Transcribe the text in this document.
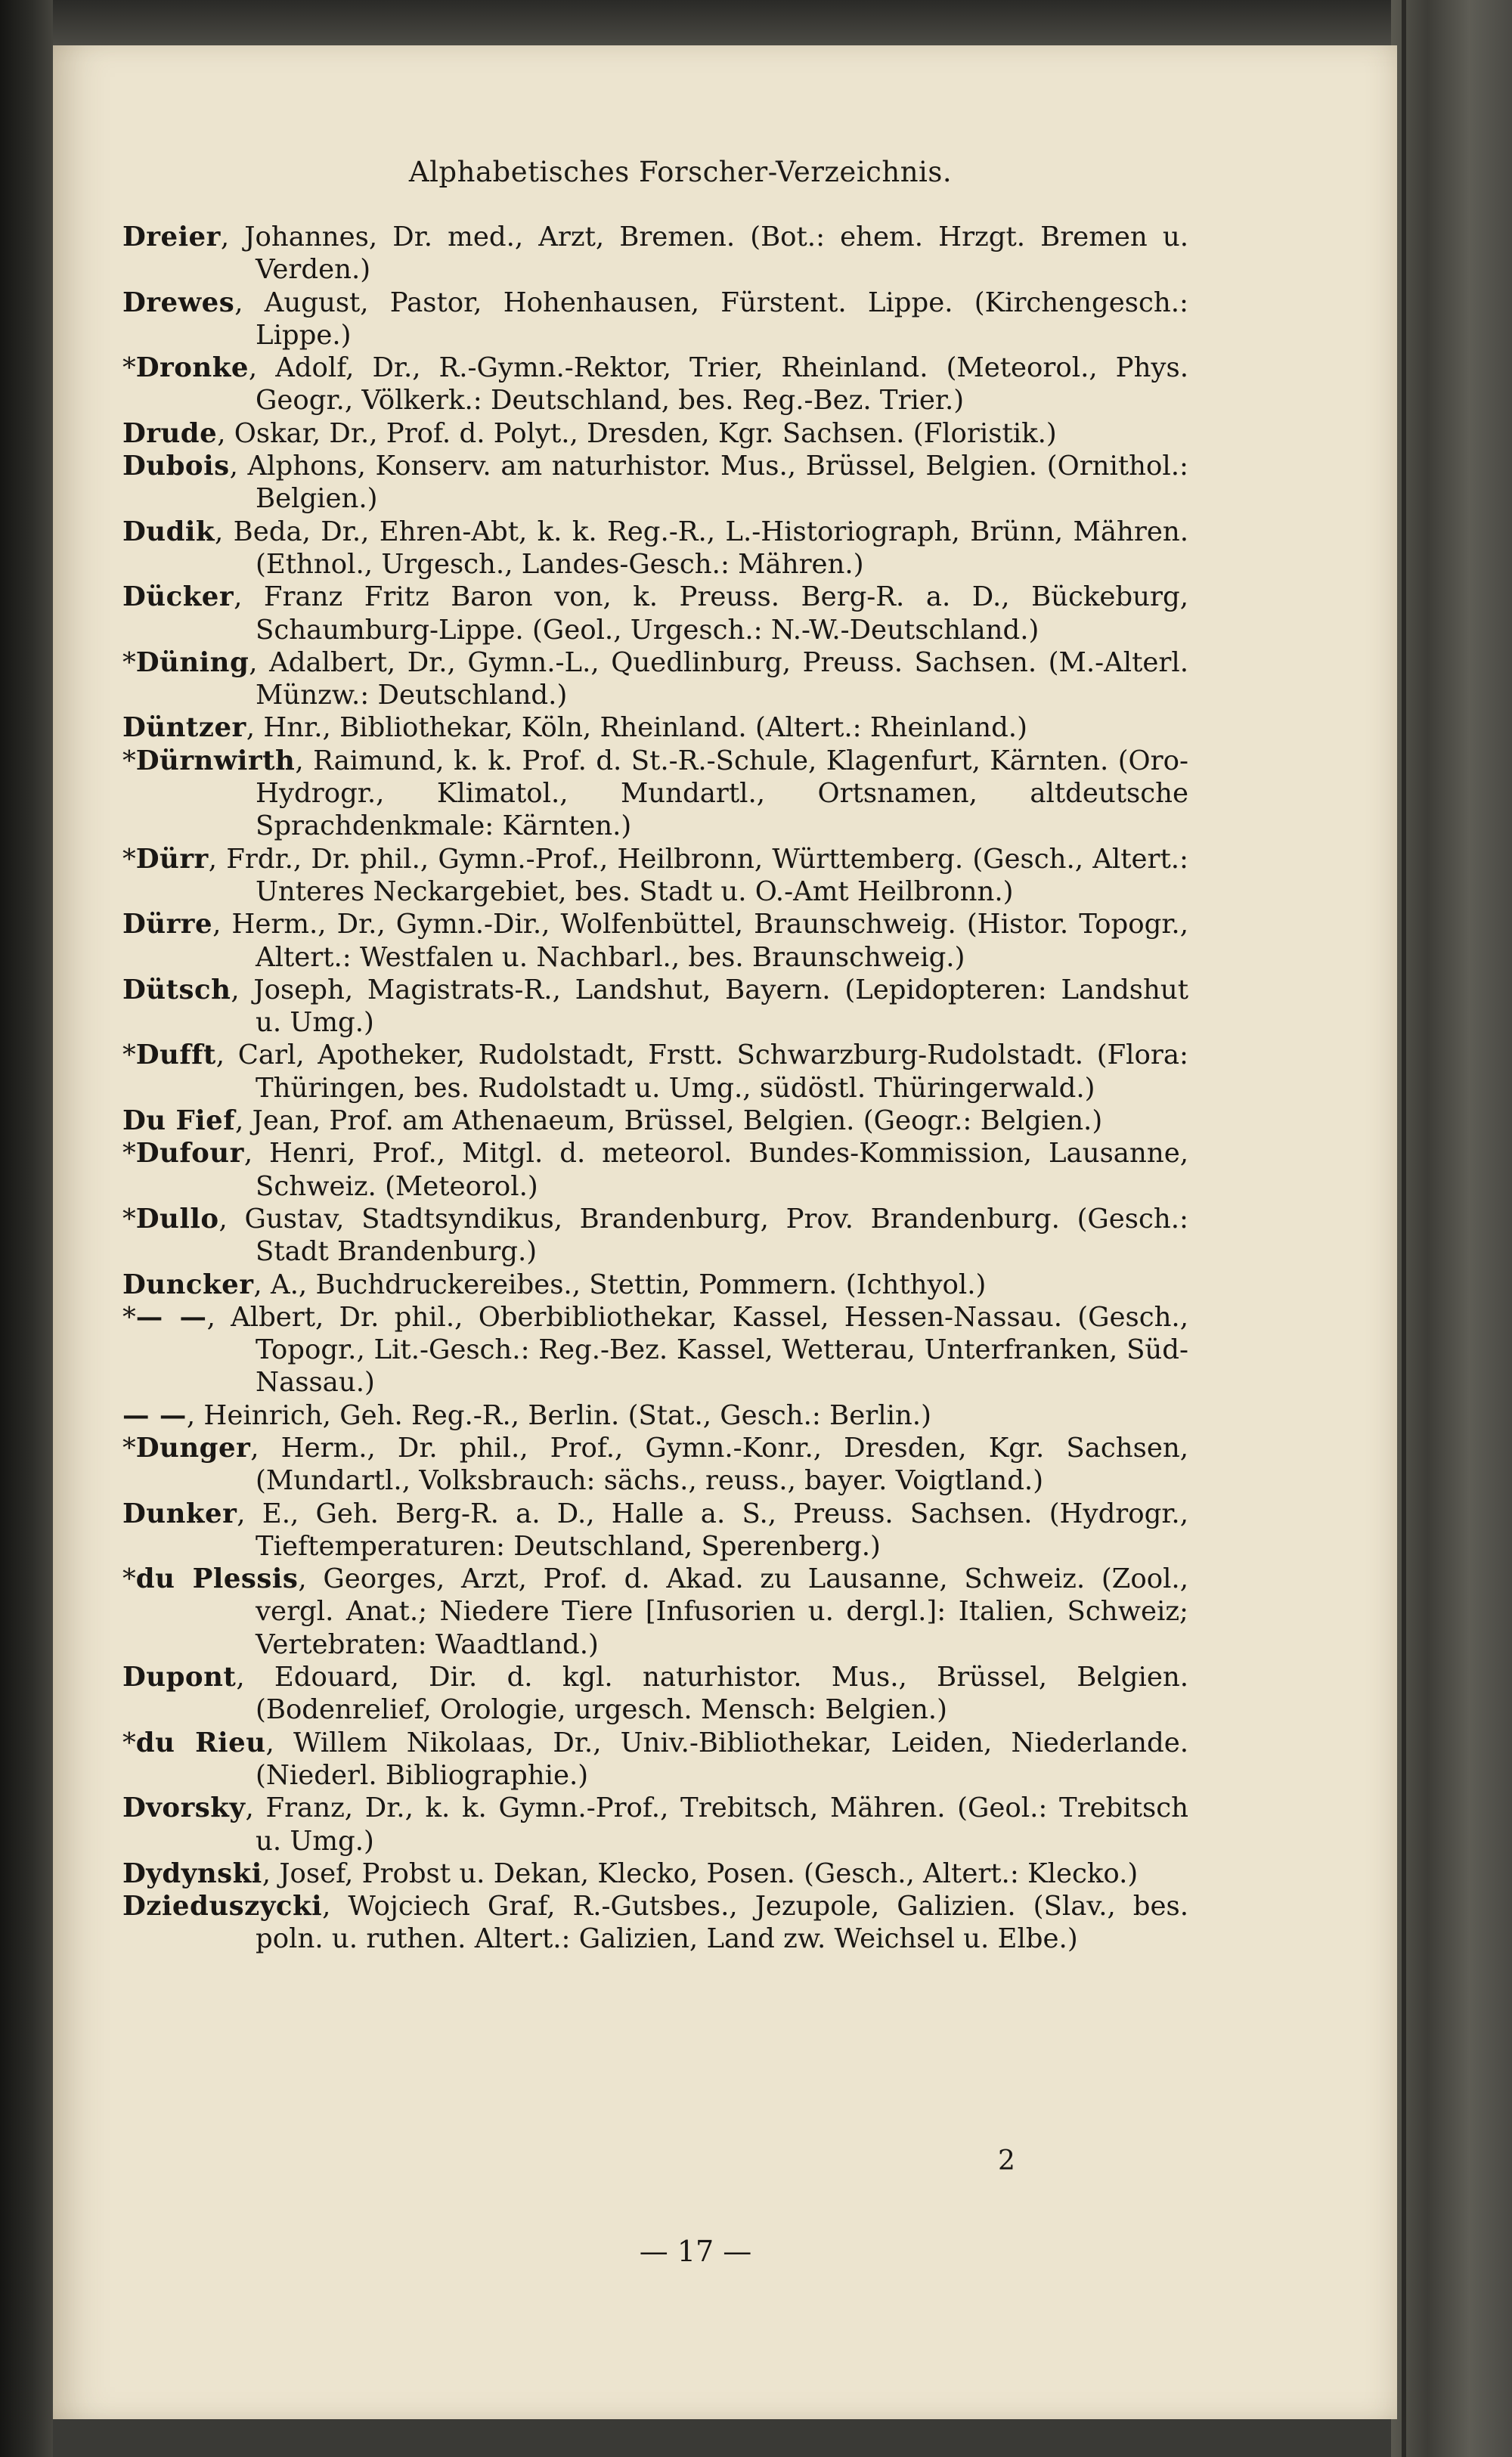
Alphabetisches Forscher-Verzeichnis.

Dreier, Johannes, Dr. med., Arzt, Bremen. (Bot.: ehem. Hrzgt. Bremen u. Verden.)

Drewes, August, Pastor, Hohenhausen, Fürstent. Lippe. (Kirchengesch.: Lippe.)

*Dronke, Adolf, Dr., R.-Gymn.-Rektor, Trier, Rheinland. (Meteorol., Phys. Geogr., Völkerk.: Deutschland, bes. Reg.-Bez. Trier.)

Drude, Oskar, Dr., Prof. d. Polyt., Dresden, Kgr. Sachsen. (Floristik.)

Dubois, Alphons, Konserv. am naturhistor. Mus., Brüssel, Belgien. (Ornithol.: Belgien.)

Dudik, Beda, Dr., Ehren-Abt, k. k. Reg.-R., L.-Historiograph, Brünn, Mähren. (Ethnol., Urgesch., Landes-Gesch.: Mähren.)

Dücker, Franz Fritz Baron von, k. Preuss. Berg-R. a. D., Bückeburg, Schaumburg-Lippe. (Geol., Urgesch.: N.-W.-Deutschland.)

*Düning, Adalbert, Dr., Gymn.-L., Quedlinburg, Preuss. Sachsen. (M.-Alterl. Münzw.: Deutschland.)

Düntzer, Hnr., Bibliothekar, Köln, Rheinland. (Altert.: Rheinland.)

*Dürnwirth, Raimund, k. k. Prof. d. St.-R.-Schule, Klagenfurt, Kärnten. (Oro-Hydrogr., Klimatol., Mundartl., Ortsnamen, altdeutsche Sprachdenkmale: Kärnten.)

*Dürr, Frdr., Dr. phil., Gymn.-Prof., Heilbronn, Württemberg. (Gesch., Altert.: Unteres Neckargebiet, bes. Stadt u. O.-Amt Heilbronn.)

Dürre, Herm., Dr., Gymn.-Dir., Wolfenbüttel, Braunschweig. (Histor. Topogr., Altert.: Westfalen u. Nachbarl., bes. Braunschweig.)

Dütsch, Joseph, Magistrats-R., Landshut, Bayern. (Lepidopteren: Landshut u. Umg.)

*Dufft, Carl, Apotheker, Rudolstadt, Frstt. Schwarzburg-Rudolstadt. (Flora: Thüringen, bes. Rudolstadt u. Umg., südöstl. Thüringerwald.)

Du Fief, Jean, Prof. am Athenaeum, Brüssel, Belgien. (Geogr.: Belgien.)

*Dufour, Henri, Prof., Mitgl. d. meteorol. Bundes-Kommission, Lausanne, Schweiz. (Meteorol.)

*Dullo, Gustav, Stadtsyndikus, Brandenburg, Prov. Brandenburg. (Gesch.: Stadt Brandenburg.)

Duncker, A., Buchdruckereibes., Stettin, Pommern. (Ichthyol.)

*— —, Albert, Dr. phil., Oberbibliothekar, Kassel, Hessen-Nassau. (Gesch., Topogr., Lit.-Gesch.: Reg.-Bez. Kassel, Wetterau, Unterfranken, Süd-Nassau.)

— —, Heinrich, Geh. Reg.-R., Berlin. (Stat., Gesch.: Berlin.)

*Dunger, Herm., Dr. phil., Prof., Gymn.-Konr., Dresden, Kgr. Sachsen, (Mundartl., Volksbrauch: sächs., reuss., bayer. Voigtland.)

Dunker, E., Geh. Berg-R. a. D., Halle a. S., Preuss. Sachsen. (Hydrogr., Tieftemperaturen: Deutschland, Sperenberg.)

*du Plessis, Georges, Arzt, Prof. d. Akad. zu Lausanne, Schweiz. (Zool., vergl. Anat.; Niedere Tiere [Infusorien u. dergl.]: Italien, Schweiz; Vertebraten: Waadtland.)

Dupont, Edouard, Dir. d. kgl. naturhistor. Mus., Brüssel, Belgien. (Bodenrelief, Orologie, urgesch. Mensch: Belgien.)

*du Rieu, Willem Nikolaas, Dr., Univ.-Bibliothekar, Leiden, Niederlande. (Niederl. Bibliographie.)

Dvorsky, Franz, Dr., k. k. Gymn.-Prof., Trebitsch, Mähren. (Geol.: Trebitsch u. Umg.)

Dydynski, Josef, Probst u. Dekan, Klecko, Posen. (Gesch., Altert.: Klecko.)

Dzieduszycki, Wojciech Graf, R.-Gutsbes., Jezupole, Galizien. (Slav., bes. poln. u. ruthen. Altert.: Galizien, Land zw. Weichsel u. Elbe.)

2
— 17 —
